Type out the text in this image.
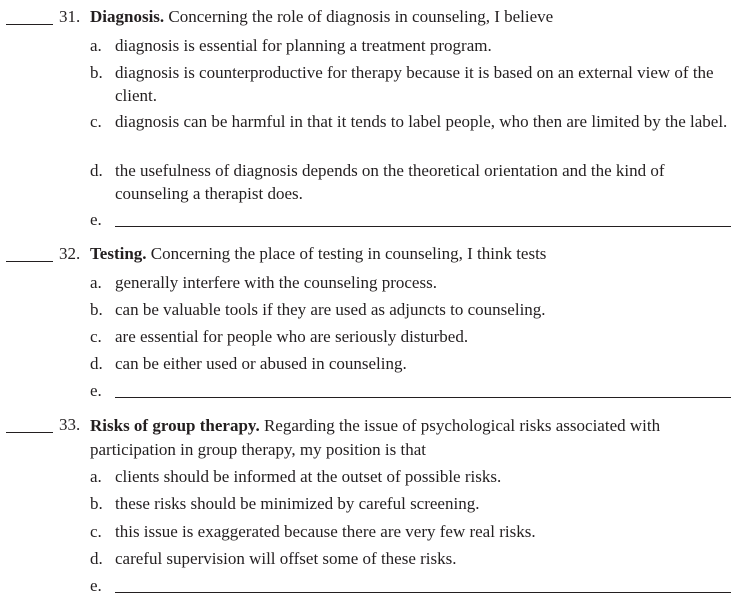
31. Diagnosis. Concerning the role of diagnosis in counseling, I believe
a. diagnosis is essential for planning a treatment program.
b. diagnosis is counterproductive for therapy because it is based on an external view of the client.
c. diagnosis can be harmful in that it tends to label people, who then are limited by the label.
d. the usefulness of diagnosis depends on the theoretical orientation and the kind of counseling a therapist does.
e.
32. Testing. Concerning the place of testing in counseling, I think tests
a. generally interfere with the counseling process.
b. can be valuable tools if they are used as adjuncts to counseling.
c. are essential for people who are seriously disturbed.
d. can be either used or abused in counseling.
e.
33. Risks of group therapy. Regarding the issue of psychological risks associated with participation in group therapy, my position is that
a. clients should be informed at the outset of possible risks.
b. these risks should be minimized by careful screening.
c. this issue is exaggerated because there are very few real risks.
d. careful supervision will offset some of these risks.
e.
